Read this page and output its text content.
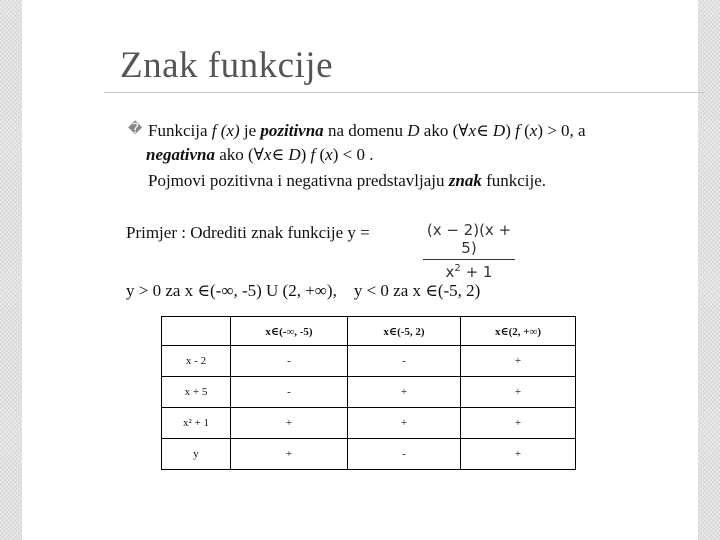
Znak funkcije
� Funkcija f (x) je pozitivna na domenu D ako (∀x∈ D) f (x) > 0, a
negativna ako (∀x∈ D) f (x) < 0 .
Pojmovi pozitivna i negativna predstavljaju znak funkcije.
Primjer : Odrediti znak funkcije y =	(x − 2)(x + 5)
$x^2 + 1$
y > 0 za x ∈(-∞, -5) U (2, +∞),    y < 0 za x ∈(-5, 2)
	x∈(-∞, -5)	x∈(-5, 2)	x∈(2, +∞)
x - 2	-	-	+
x + 5	-	+	+
x² + 1	+	+	+
y	+	-	+
